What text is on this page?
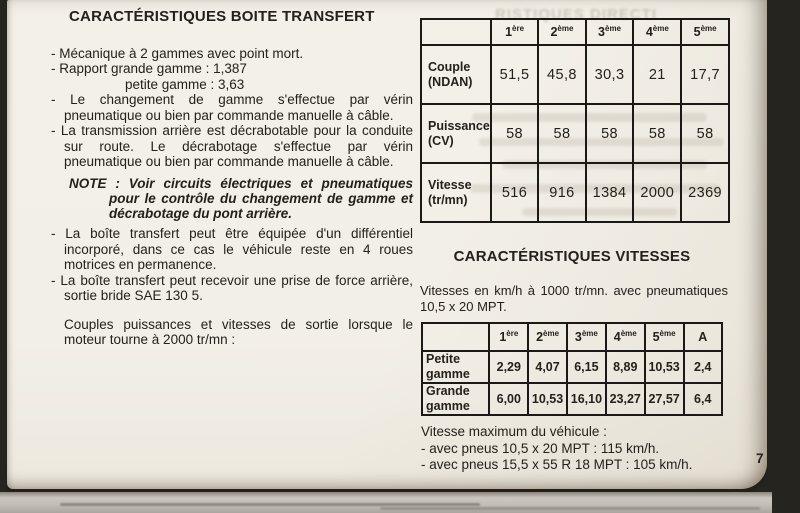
RISTIQUES DIRECTI
CARACTÉRISTIQUES BOITE TRANSFERT
- Mécanique à 2 gammes avec point mort.
- Rapport grande gamme : 1,387
petite gamme : 3,63
- Le changement de gamme s'effectue par vérin pneumatique ou bien par commande manuelle à câble.
- La transmission arrière est décrabotable pour la conduite sur route. Le décrabotage s'effectue par vérin pneumatique ou bien par commande manuelle à câble.
NOTE : Voir circuits électriques et pneumatiques pour le contrôle du changement de gamme et décrabotage du pont arrière.
- La boîte transfert peut être équipée d'un différentiel incorporé, dans ce cas le véhicule reste en 4 roues motrices en permanence.
- La boîte transfert peut recevoir une prise de force arrière, sortie bride SAE 130 5.
Couples puissances et vitesses de sortie lorsque le moteur tourne à 2000 tr/mn :
	1ère	2ème	3ème	4ème	5ème

Couple
(NDAN)	51,5	45,8	30,3	21	17,7

Puissance
(CV)	58	58	58	58	58

Vitesse
(tr/mn)	516	916	1384	2000	2369
CARACTÉRISTIQUES VITESSES
Vitesses en km/h à 1000 tr/mn. avec pneumatiques 10,5 x 20 MPT.
	1ère	2ème	3ème	4ème	5ème	A
Petite gamme	2,29	4,07	6,15	8,89	10,53	2,4
Grande gamme	6,00	10,53	16,10	23,27	27,57	6,4
Vitesse maximum du véhicule :
- avec pneus 10,5 x 20 MPT : 115 km/h.
- avec pneus 15,5 x 55 R 18 MPT : 105 km/h.	7
